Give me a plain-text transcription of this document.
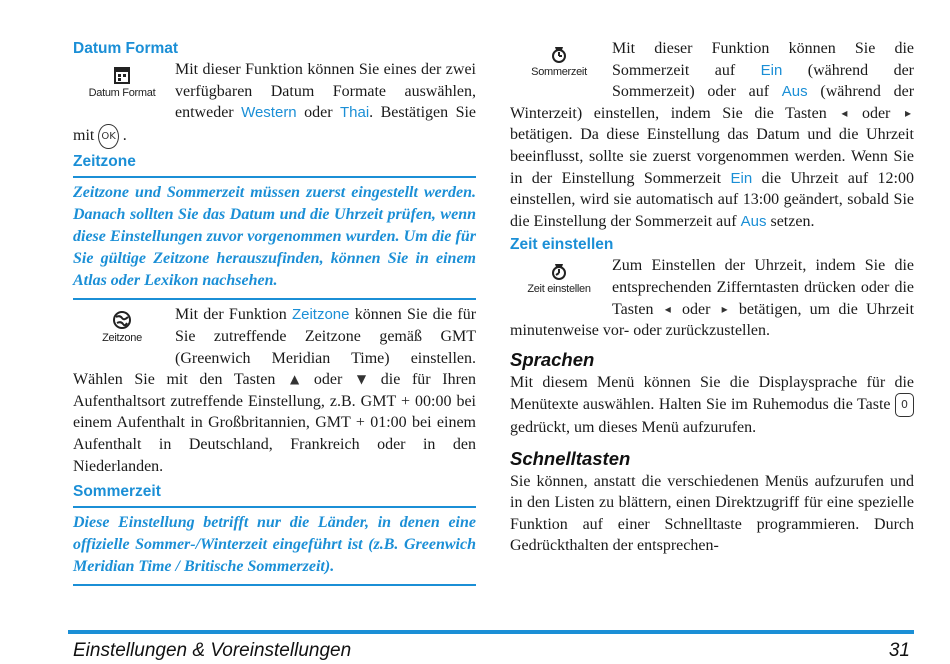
Datum Format
Datum Format

Mit dieser Funktion können Sie eines der zwei verfügbaren Datum Formate auswählen, entweder Western oder Thai. Bestätigen Sie mit OK .

Zeitzone

Zeitzone und Sommerzeit müssen zuerst eingestellt werden. Danach sollten Sie das Datum und die Uhrzeit prüfen, wenn diese Einstellungen zuvor vorgenommen wurden. Um die für Sie gültige Zeitzone herauszufinden, können Sie in einem Atlas oder Lexikon nachsehen.

Zeitzone

Mit der Funktion Zeitzone können Sie die für Sie zutreffende Zeitzone gemäß GMT (Greenwich Meridian Time) einstellen. Wählen Sie mit den Tasten ▲ oder ▼ die für Ihren Aufenthaltsort zutreffende Einstellung, z.B. GMT + 00:00 bei einem Aufenthalt in Großbritannien, GMT + 01:00 bei einem Aufenthalt in Deutschland, Frankreich oder in den Niederlanden.

Sommerzeit

Diese Einstellung betrifft nur die Länder, in denen eine offizielle Sommer-/Winterzeit eingeführt ist (z.B. Greenwich Meridian Time / Britische Sommerzeit).

Sommerzeit

Mit dieser Funktion können Sie die Sommerzeit auf Ein (während der Sommerzeit) oder auf Aus (während der Winterzeit) einstellen, indem Sie die Tasten ◂ oder ▸ betätigen. Da diese Einstellung das Datum und die Uhrzeit beeinflusst, sollte sie zuerst vorgenommen werden. Wenn Sie in der Einstellung Sommerzeit Ein die Uhrzeit auf 12:00 einstellen, wird sie automatisch auf 13:00 geändert, sobald Sie die Einstellung der Sommerzeit auf Aus setzen.

Zeit einstellen
Zeit einstellen

Zum Einstellen der Uhrzeit, indem Sie die entsprechenden Zifferntasten drücken oder die Tasten ◂ oder ▸ betätigen, um die Uhrzeit minutenweise vor- oder zurückzustellen.

Sprachen

Mit diesem Menü können Sie die Displaysprache für die Menütexte auswählen. Halten Sie im Ruhemodus die Taste 0 gedrückt, um dieses Menü aufzurufen.

Schnelltasten

Sie können, anstatt die verschiedenen Menüs aufzurufen und in den Listen zu blättern, einen Direktzugriff für eine spezielle Funktion auf einer Schnelltaste programmieren. Durch Gedrückthalten der entsprechen-

Einstellungen & Voreinstellungen	31
